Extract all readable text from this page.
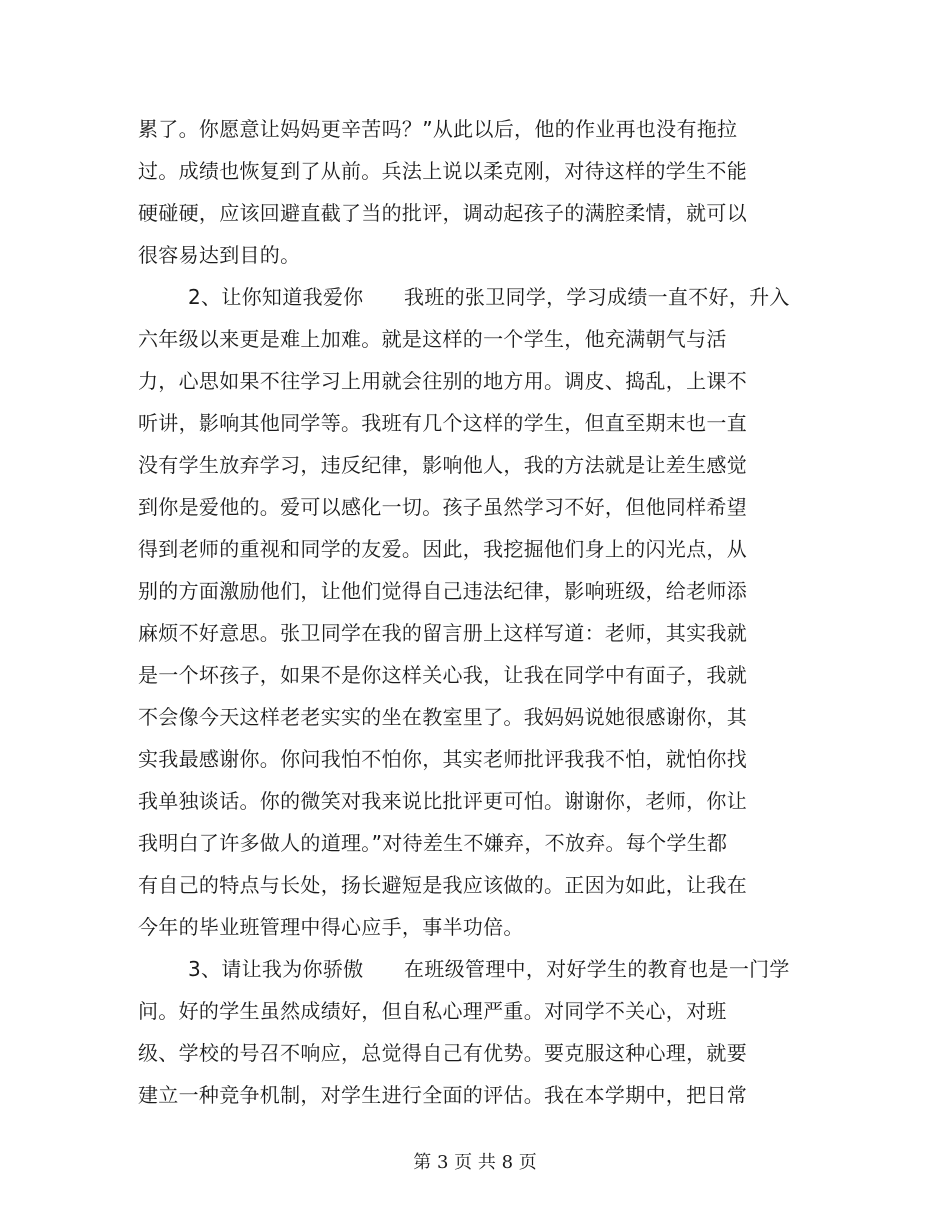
累了。你愿意让妈妈更辛苦吗？”从此以后，他的作业再也没有拖拉
过。成绩也恢复到了从前。兵法上说以柔克刚，对待这样的学生不能
硬碰硬，应该回避直截了当的批评，调动起孩子的满腔柔情，就可以
很容易达到目的。
2、让你知道我爱你　　我班的张卫同学，学习成绩一直不好，升入
六年级以来更是难上加难。就是这样的一个学生，他充满朝气与活
力，心思如果不往学习上用就会往别的地方用。调皮、捣乱，上课不
听讲，影响其他同学等。我班有几个这样的学生，但直至期末也一直
没有学生放弃学习，违反纪律，影响他人，我的方法就是让差生感觉
到你是爱他的。爱可以感化一切。孩子虽然学习不好，但他同样希望
得到老师的重视和同学的友爱。因此，我挖掘他们身上的闪光点，从
别的方面激励他们，让他们觉得自己违法纪律，影响班级，给老师添
麻烦不好意思。张卫同学在我的留言册上这样写道：老师，其实我就
是一个坏孩子，如果不是你这样关心我，让我在同学中有面子，我就
不会像今天这样老老实实的坐在教室里了。我妈妈说她很感谢你，其
实我最感谢你。你问我怕不怕你，其实老师批评我我不怕，就怕你找
我单独谈话。你的微笑对我来说比批评更可怕。谢谢你，老师，你让
我明白了许多做人的道理。”对待差生不嫌弃，不放弃。每个学生都
有自己的特点与长处，扬长避短是我应该做的。正因为如此，让我在
今年的毕业班管理中得心应手，事半功倍。
3、请让我为你骄傲　　在班级管理中，对好学生的教育也是一门学
问。好的学生虽然成绩好，但自私心理严重。对同学不关心，对班
级、学校的号召不响应，总觉得自己有优势。要克服这种心理，就要
建立一种竞争机制，对学生进行全面的评估。我在本学期中，把日常
第 3 页 共 8 页
